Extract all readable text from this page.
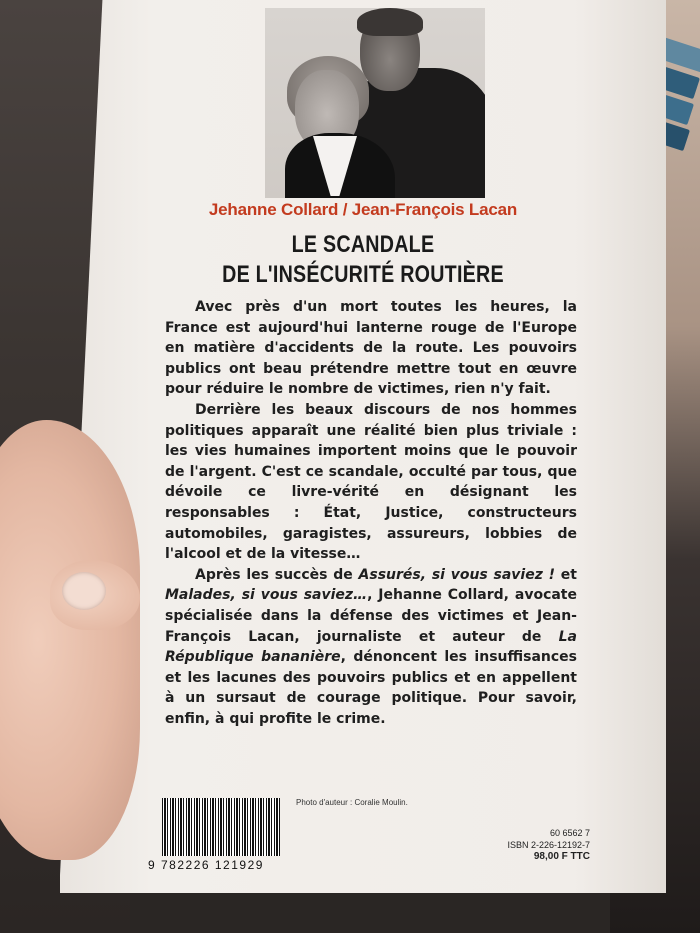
Jehanne Collard / Jean-François Lacan
LE SCANDALE
DE L'INSÉCURITÉ ROUTIÈRE

Avec près d'un mort toutes les heures, la France est aujourd'hui lanterne rouge de l'Europe en matière d'accidents de la route. Les pouvoirs publics ont beau prétendre mettre tout en œuvre pour réduire le nombre de victimes, rien n'y fait.

Derrière les beaux discours de nos hommes politiques apparaît une réalité bien plus triviale : les vies humaines importent moins que le pouvoir de l'argent. C'est ce scandale, occulté par tous, que dévoile ce livre-vérité en désignant les responsables : État, Justice, constructeurs automobiles, garagistes, assureurs, lobbies de l'alcool et de la vitesse…

Après les succès de Assurés, si vous saviez ! et Malades, si vous saviez…, Jehanne Collard, avocate spécialisée dans la défense des victimes et Jean-François Lacan, journaliste et auteur de La République bananière, dénoncent les insuffisances et les lacunes des pouvoirs publics et en appellent à un sursaut de courage politique. Pour savoir, enfin, à qui profite le crime.

9 782226 121929
Photo d'auteur : Coralie Moulin.
60 6562 7
ISBN 2-226-12192-7
98,00 F TTC
